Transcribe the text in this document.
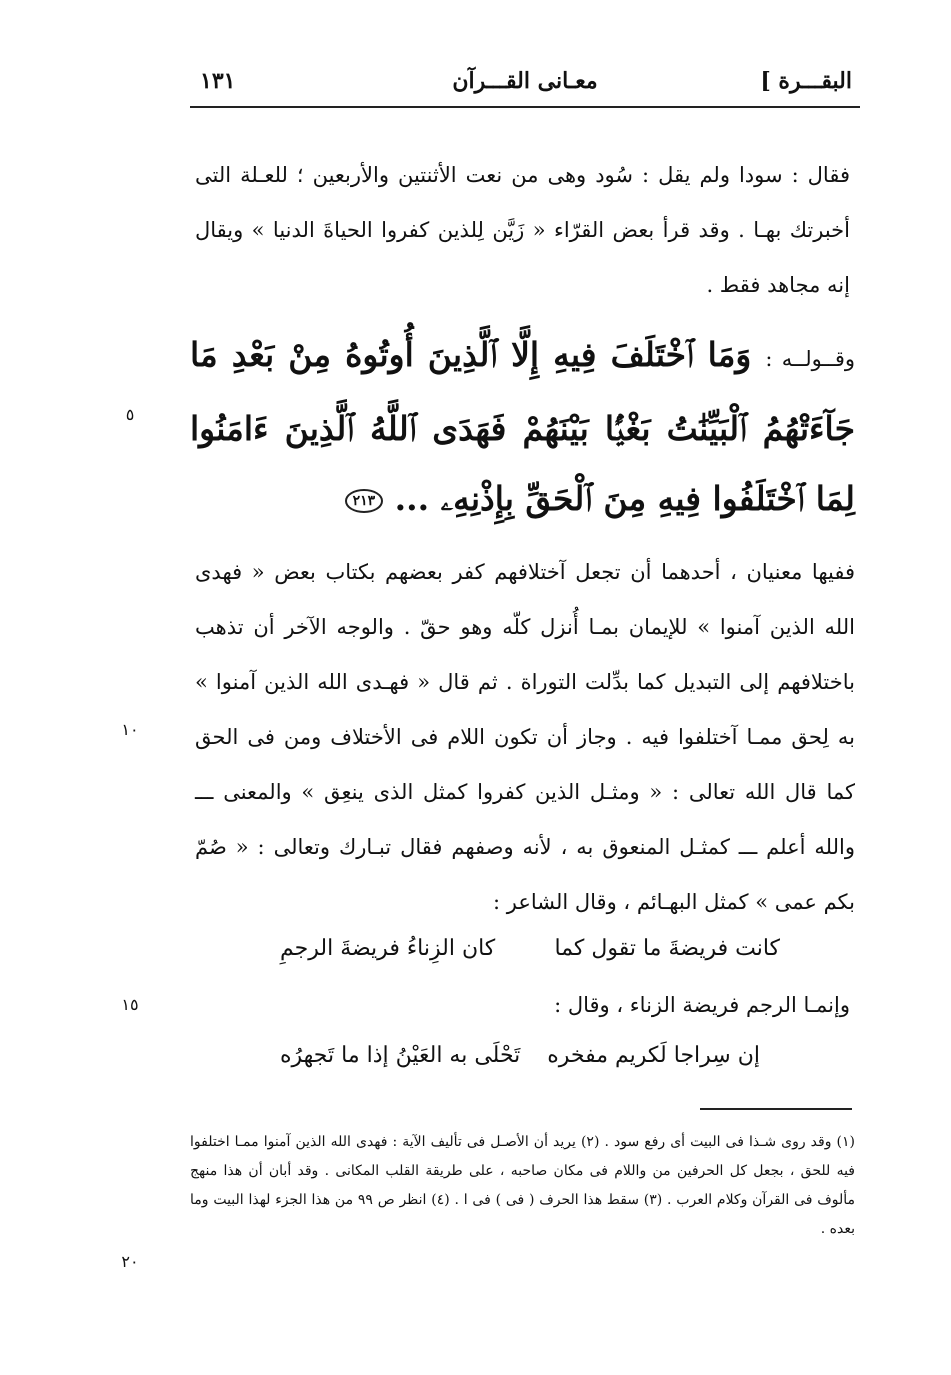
البقـــرة ]
معـانى القـــرآن
١٣١
فقال : سودا ولم يقل : سُود وهى من نعت الأثنتين والأربعين ؛ للعـلة التى أخبرتك بهـا . وقد قرأ بعض القرّاء « زَيَّن لِلذين كفروا الحياةَ الدنيا » ويقال إنه مجاهد فقط .
وقــولــه : وَمَا ٱخْتَلَفَ فِيهِ إِلَّا ٱلَّذِينَ أُوتُوهُ مِنْ بَعْدِ مَا جَآءَتْهُمُ ٱلْبَيِّنَٰتُ بَغْيًۢا بَيْنَهُمْ فَهَدَى ٱللَّهُ ٱلَّذِينَ ءَامَنُوا لِمَا ٱخْتَلَفُوا فِيهِ مِنَ ٱلْحَقِّ بِإِذْنِهِۦ ... ٢١٣
ففيها معنيان ، أحدهما أن تجعل آختلافهم كفر بعضهم بكتاب بعض « فهدى الله الذين آمنوا » للإيمان بمـا أُنزل كلّه وهو حقّ . والوجه الآخر أن تذهب باختلافهم إلى التبديل كما بدِّلت التوراة . ثم قال « فهـدى الله الذين آمنوا » به لِحق ممـا آختلفوا فيه . وجاز أن تكون اللام فى الأختلاف ومن فى الحق كما قال الله تعالى : « ومثـل الذين كفروا كمثل الذى ينعِق » والمعنى ـــ والله أعلم ـــ كمثـل المنعوق به ، لأنه وصفهم فقال تبـارك وتعالى : « صُمّ بكم عمى » كمثل البهـائم ، وقال الشاعر :
كانت فريضةَ ما تقول كما
كان الزِناءُ فريضةَ الرجمِ
وإنمـا الرجم فريضة الزناء ، وقال :
إن سِراجا لَكريم مفخره
تَحْلَى به العَيْنُ إذا ما تَجهرُه
(١) وقد روى شـذا فى البيت أى رفع سود . (٢) يريد أن الأصـل فى تأليف الآية : فهدى الله الذين آمنوا ممـا اختلفوا فيه للحق ، بجعل كل الحرفين من واللام فى مكان صاحبه ، على طريقة القلب المكانى . وقد أبان أن هذا منهج مألوف فى القرآن وكلام العرب . (٣) سقط هذا الحرف ( فى ) فى ا . (٤) انظر ص ٩٩ من هذا الجزء لهذا البيت وما بعده .
٥
١٠
١٥
٢٠
